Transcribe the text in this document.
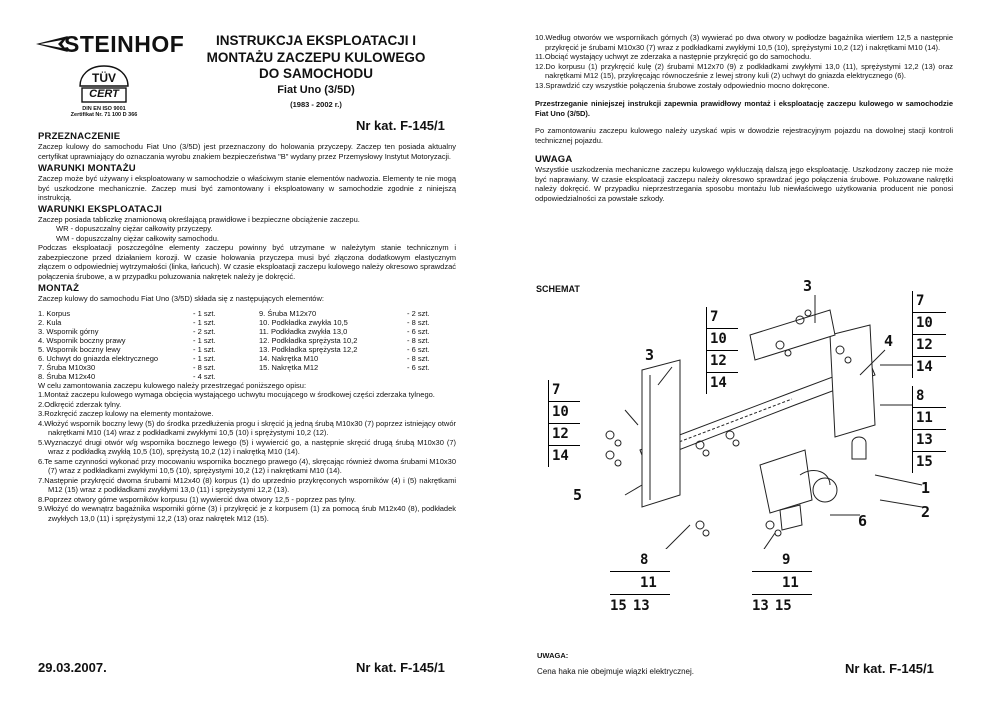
STEINHOF
TÜV
CERT
DIN EN ISO 9001
Zertifikat Nr. 71 100 D 366
INSTRUKCJA EKSPLOATACJI I MONTAŻU ZACZEPU KULOWEGO DO SAMOCHODU
Fiat Uno (3/5D)
(1983 - 2002 r.)
Nr kat. F-145/1
PRZEZNACZENIE

Zaczep kulowy do samochodu Fiat Uno (3/5D) jest przeznaczony do holowania przyczepy. Zaczep ten posiada aktualny certyfikat uprawniający do oznaczania wyrobu znakiem bezpieczeństwa "B" wydany przez Przemysłowy Instytut Motoryzacji.

WARUNKI MONTAŻU

Zaczep może być używany i eksploatowany w samochodzie o właściwym stanie elementów nadwozia. Elementy te nie mogą być uszkodzone mechanicznie. Zaczep musi być zamontowany i eksploatowany w samochodzie zgodnie z niniejszą instrukcją.

WARUNKI EKSPLOATACJI

Zaczep posiada tabliczkę znamionową określającą prawidłowe i bezpieczne obciążenie zaczepu.

WR - dopuszczalny ciężar całkowity przyczepy.

WM - dopuszczalny ciężar całkowity samochodu.

Podczas eksploatacji poszczególne elementy zaczepu powinny być utrzymane w należytym stanie technicznym i zabezpieczone przed działaniem korozji. W czasie holowania przyczepa musi być złączona dodatkowym elastycznym złączem o odpowiedniej wytrzymałości (linka, łańcuch). W czasie eksploatacji zaczepu kulowego należy okresowo sprawdzać połączenia śrubowe, a w przypadku poluzowania nakrętek należy je dokręcić.

MONTAŻ

Zaczep kulowy do samochodu Fiat Uno (3/5D) składa się z następujących elementów:

1. Korpus	- 1 szt.	9. Śruba M12x70	- 2 szt.
2. Kula	- 1 szt.	10. Podkładka zwykła 10,5	- 8 szt.
3. Wspornik górny	- 2 szt.	11. Podkładka zwykła 13,0	- 6 szt.
4. Wspornik boczny prawy	- 1 szt.	12. Podkładka sprężysta 10,2	- 8 szt.
5. Wspornik boczny lewy	- 1 szt.	13. Podkładka sprężysta 12,2	- 6 szt.
6. Uchwyt do gniazda elektrycznego	- 1 szt.	14. Nakrętka M10	- 8 szt.
7. Śruba M10x30	- 8 szt.	15. Nakrętka M12	- 6 szt.
8. Śruba M12x40	- 4 szt.		

W celu zamontowania zaczepu kulowego należy przestrzegać poniższego opisu:

1.Montaż zaczepu kulowego wymaga obcięcia wystającego uchwytu mocującego w środkowej części zderzaka tylnego.
2.Odkręcić zderzak tylny.
3.Rozkręcić zaczep kulowy na elementy montażowe.
4.Włożyć wspornik boczny lewy (5) do środka przedłużenia progu i skręcić ją jedną śrubą M10x30 (7) poprzez istniejący otwór nakrętkami M10 (14) wraz z podkładkami zwykłymi 10,5 (10) i sprężystymi 10,2 (12).
5.Wyznaczyć drugi otwór w/g wspornika bocznego lewego (5) i wywiercić go, a następnie skręcić drugą śrubą M10x30 (7) wraz z podkładką zwykłą 10,5 (10), sprężystą 10,2 (12) i nakrętką M10 (14).
6.Te same czynności wykonać przy mocowaniu wspornika bocznego prawego (4), skręcając również dwoma śrubami M10x30 (7) wraz z podkładkami zwykłymi 10,5 (10), sprężystymi 10,2 (12) i nakrętkami M10 (14).
7.Następnie przykręcić dwoma śrubami M12x40 (8) korpus (1) do uprzednio przykręconych wsporników (4) i (5) nakrętkami M12 (15) wraz z podkładkami zwykłymi 13,0 (11) i sprężystymi 12,2 (13).
8.Poprzez otwory górne wsporników korpusu (1) wywiercić dwa otwory 12,5 - poprzez pas tylny.
9.Włożyć do wewnątrz bagażnika wsporniki górne (3) i przykręcić je z korpusem (1) za pomocą śrub M12x40 (8), podkładek zwykłych 13,0 (11) i sprężystymi 12,2 (13) oraz nakrętek M12 (15).
29.03.2007.	Nr kat. F-145/1
10.Według otworów we wspornikach górnych (3) wywierać po dwa otwory w podłodze bagażnika wiertłem 12,5 a następnie przykręcić je śrubami M10x30 (7) wraz z podkładkami zwykłymi 10,5 (10), sprężystymi 10,2 (12) i nakrętkami M10 (14).
11.Obciąć wystający uchwyt ze zderzaka a następnie przykręcić go do samochodu.
12.Do korpusu (1) przykręcić kulę (2) śrubami M12x70 (9) z podkładkami zwykłymi 13,0 (11), sprężystymi 12,2 (13) oraz nakrętkami M12 (15), przykręcając równocześnie z lewej strony kuli (2) uchwyt do gniazda elektrycznego (6).
13.Sprawdzić czy wszystkie połączenia śrubowe zostały odpowiednio mocno dokręcone.

Przestrzeganie niniejszej instrukcji zapewnia prawidłowy montaż i eksploatację zaczepu kulowego w samochodzie Fiat Uno (3/5D).

Po zamontowaniu zaczepu kulowego należy uzyskać wpis w dowodzie rejestracyjnym pojazdu na dowolnej stacji kontroli technicznej pojazdu.

UWAGA

Wszystkie uszkodzenia mechaniczne zaczepu kulowego wykluczają dalszą jego eksploatację. Uszkodzony zaczep nie może być naprawiany. W czasie eksploatacji zaczepu należy okresowo sprawdzać jego połączenia śrubowe. Poluzowane nakrętki należy dokręcić. W przypadku nieprzestrzegania sposobu montażu lub niewłaściwego użytkowania producent nie ponosi odpowiedzialności za powstałe szkody.

SCHEMAT	3
3
4
5
6
1
2
7
10
12
14
7
10
12
14
7
10
12
14
8
11
13
15
8
11
15 13
9
11
13 15
UWAGA:
Cena haka nie obejmuje wiązki elektrycznej.	Nr kat. F-145/1
